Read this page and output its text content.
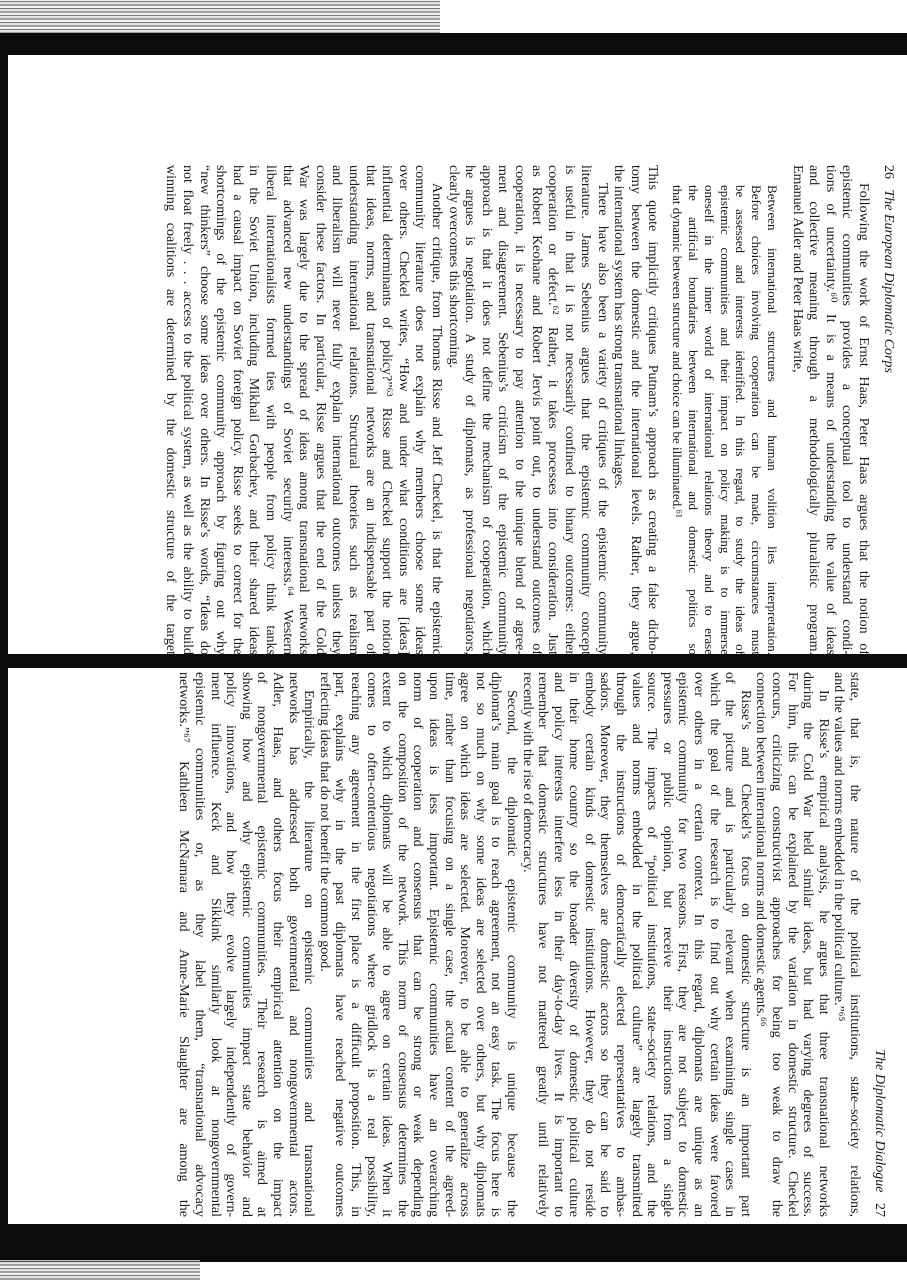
26   The European Diplomatic Corps
Following the work of Ernst Haas, Peter Haas argues that the notion of
epistemic communities provides a conceptual tool to understand condi-
tions of uncertainty.⁶⁰ It is a means of understanding the value of ideas
and collective meaning through a methodologically pluralistic program.
Emanuel Adler and Peter Haas write,
Between international structures and human volition lies interpretation.
Before choices involving cooperation can be made, circumstances must
be assessed and interests identified. In this regard, to study the ideas of
epistemic communities and their impact on policy making is to immerse
oneself in the inner world of international relations theory and to erase
the artificial boundaries between international and domestic politics so
that dynamic between structure and choice can be illuminated.⁶¹
This quote implicitly critiques Putnam’s approach as creating a false dicho-
tomy between the domestic and the international levels. Rather, they argue,
the international system has strong transnational linkages.
There have also been a variety of critiques of the epistemic community
literature. James Sebenius argues that the epistemic community concept
is useful in that it is not necessarily confined to binary outcomes: either
cooperation or defect.⁶² Rather, it takes processes into consideration. Just
as Robert Keohane and Robert Jervis point out, to understand outcomes of
cooperation, it is necessary to pay attention to the unique blend of agree-
ment and disagreement. Sebenius’s criticism of the epistemic community
approach is that it does not define the mechanism of cooperation, which
he argues is negotiation. A study of diplomats, as professional negotiators,
clearly overcomes this shortcoming.
Another critique, from Thomas Risse and Jeff Checkel, is that the epistemic
community literature does not explain why members choose some ideas
over others. Checkel writes, “How and under what conditions are [ideas]
influential determinants of policy?”⁶³ Risse and Checkel support the notion
that ideas, norms, and transnational networks are an indispensable part of
understanding international relations. Structural theories such as realism
and liberalism will never fully explain international outcomes unless they
consider these factors. In particular, Risse argues that the end of the Cold
War was largely due to the spread of ideas among transnational networks
that advanced new understandings of Soviet security interests.⁶⁴ Western
liberal internationalists formed ties with people from policy think tanks
in the Soviet Union, including Mikhail Gorbachev, and their shared ideas
had a causal impact on Soviet foreign policy. Risse seeks to correct for the
shortcomings of the epistemic community approach by figuring out why
“new thinkers” choose some ideas over others. In Risse’s words, “Ideas do
not float freely . . . access to the political system, as well as the ability to build
winning coalitions are determined by the domestic structure of the target
The Diplomatic Dialogue   27
state, that is, the nature of the political institutions, state–society relations,
and the values and norms embedded in the political culture.”⁶⁵
In Risse’s empirical analysis, he argues that three transnational networks
during the Cold War held similar ideas, but had varying degrees of success.
For him, this can be explained by the variation in domestic structure. Checkel
concurs, criticizing constructivist approaches for being too weak to draw the
connection between international norms and domestic agents.⁶⁶
Risse’s and Checkel’s focus on domestic structure is an important part
of the picture and is particularly relevant when examining single cases in
which the goal of the research is to find out why certain ideas were favored
over others in a certain context. In this regard, diplomats are unique as an
epistemic community for two reasons. First, they are not subject to domestic
pressures or public opinion, but receive their instructions from a single
source. The impacts of “political institutions, state–society relations, and the
values and norms embedded in the political culture” are largely transmitted
through the instructions of democratically elected representatives to ambas-
sadors. Moreover, they themselves are domestic actors so they can be said to
embody certain kinds of domestic institutions. However, they do not reside
in their home country so the broader diversity of domestic political culture
and policy interests interfere less in their day-to-day lives. It is important to
remember that domestic structures have not mattered greatly until relatively
recently with the rise of democracy.
Second, the diplomatic epistemic community is unique because the
diplomat’s main goal is to reach agreement, not an easy task. The focus here is
not so much on why some ideas are selected over others, but why diplomats
agree on which ideas are selected. Moreover, to be able to generalize across
time, rather than focusing on a single case, the actual content of the agreed-
upon ideas is less important. Epistemic communities have an overarching
norm of cooperation and consensus that can be strong or weak depending
on the composition of the network. This norm of consensus determines the
extent to which diplomats will be able to agree on certain ideas. When it
comes to often-contentious negotiations where gridlock is a real possibility,
reaching any agreement in the first place is a difficult proposition. This, in
part, explains why in the past diplomats have reached negative outcomes
reflecting ideas that do not benefit the common good.
Empirically, the literature on epistemic communities and transnational
networks has addressed both governmental and nongovernmental actors.
Adler, Haas, and others focus their empirical attention on the impact
of nongovernmental epistemic communities. Their research is aimed at
showing how and why epistemic communities impact state behavior and
policy innovations, and how they evolve largely independently of govern-
ment influence. Keck and Sikkink similarly look at nongovernmental
epistemic communities or, as they label them, “transnational advocacy
networks.”⁶⁷ Kathleen McNamara and Anne-Marie Slaughter are among the
